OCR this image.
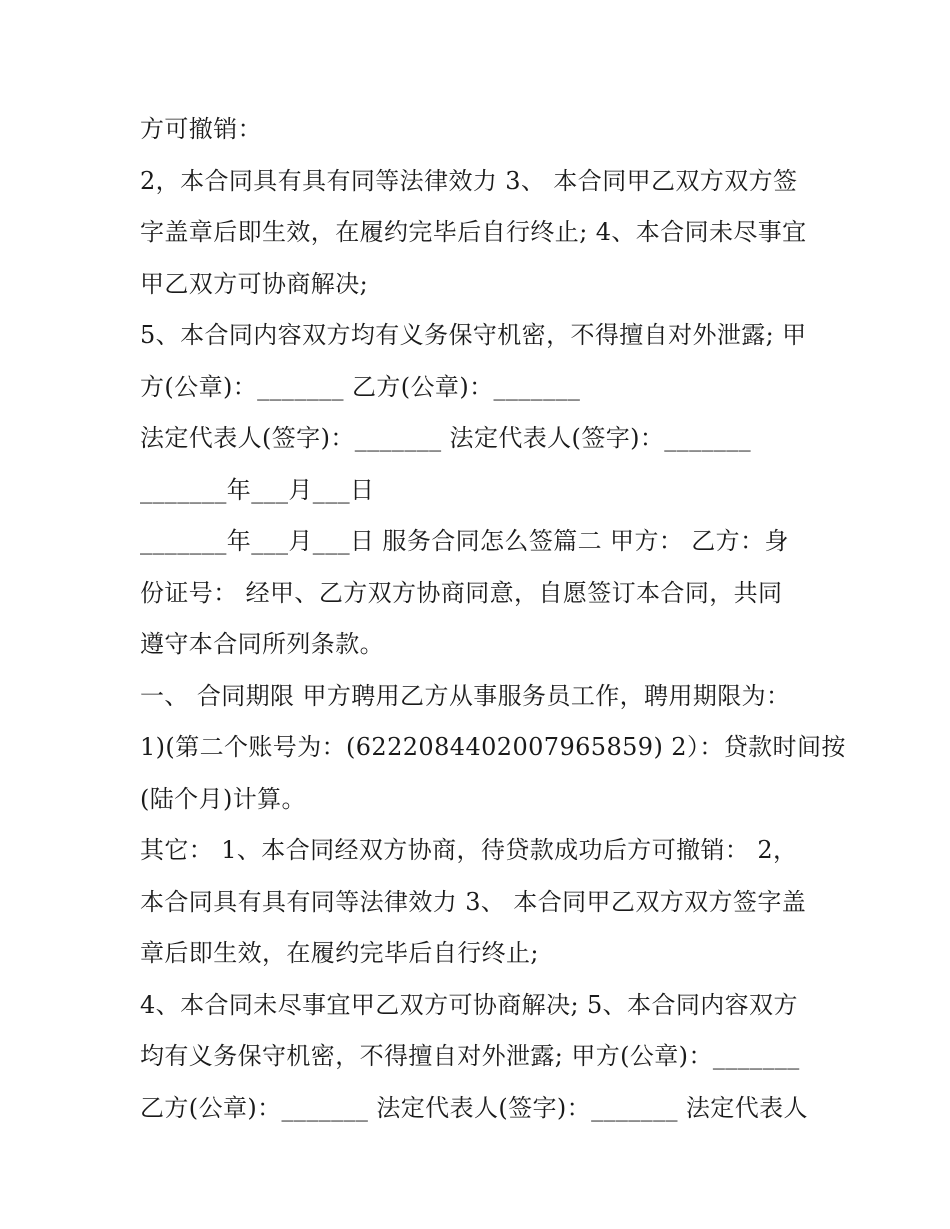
方可撤销：
2，本合同具有具有同等法律效力 3、 本合同甲乙双方双方签
字盖章后即生效，在履约完毕后自行终止; 4、本合同未尽事宜
甲乙双方可协商解决;
5、本合同内容双方均有义务保守机密，不得擅自对外泄露; 甲
方(公章)：_______ 乙方(公章)：_______
法定代表人(签字)：_______ 法定代表人(签字)：_______
_______年___月___日
_______年___月___日 服务合同怎么签篇二 甲方： 乙方：身
份证号： 经甲、乙方双方协商同意，自愿签订本合同，共同
遵守本合同所列条款。
一、 合同期限 甲方聘用乙方从事服务员工作，聘用期限为：
1)(第二个账号为：(6222084402007965859) 2）：贷款时间按
(陆个月)计算。
其它： 1、本合同经双方协商，待贷款成功后方可撤销： 2，
本合同具有具有同等法律效力 3、 本合同甲乙双方双方签字盖
章后即生效，在履约完毕后自行终止;
4、本合同未尽事宜甲乙双方可协商解决; 5、本合同内容双方
均有义务保守机密，不得擅自对外泄露; 甲方(公章)：_______
乙方(公章)：_______ 法定代表人(签字)：_______ 法定代表人
